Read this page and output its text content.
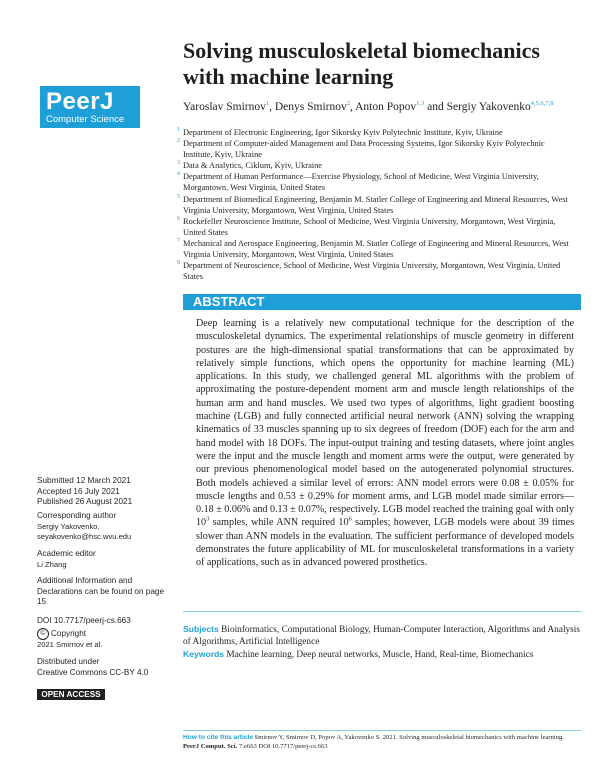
PeerJ
Computer Science
Solving musculoskeletal biomechanics with machine learning
Yaroslav Smirnov$^1$, Denys Smirnov$^2$, Anton Popov$^{1,3}$ and Sergiy Yakovenko$^{4,5,6,7,8}$

1 Department of Electronic Engineering, Igor Sikorsky Kyiv Polytechnic Institute, Kyiv, Ukraine

2 Department of Computer-aided Management and Data Processing Systems, Igor Sikorsky Kyiv Polytechnic Institute, Kyiv, Ukraine

3 Data & Analytics, Ciklum, Kyiv, Ukraine

4 Department of Human Performance—Exercise Physiology, School of Medicine, West Virginia University, Morgantown, West Virginia, United States

5 Department of Biomedical Engineering, Benjamin M. Statler College of Engineering and Mineral Resources, West Virginia University, Morgantown, West Virginia, United States

6 Rockefeller Neuroscience Institute, School of Medicine, West Virginia University, Morgantown, West Virginia, United States

7 Mechanical and Aerospace Engineering, Benjamin M. Statler College of Engineering and Mineral Resources, West Virginia University, Morgantown, West Virginia, United States

8 Department of Neuroscience, School of Medicine, West Virginia University, Morgantown, West Virginia, United States

ABSTRACT
Deep learning is a relatively new computational technique for the description of the musculoskeletal dynamics. The experimental relationships of muscle geometry in different postures are the high-dimensional spatial transformations that can be approximated by relatively simple functions, which opens the opportunity for machine learning (ML) applications. In this study, we challenged general ML algorithms with the problem of approximating the posture-dependent moment arm and muscle length relationships of the human arm and hand muscles. We used two types of algorithms, light gradient boosting machine (LGB) and fully connected artificial neural network (ANN) solving the wrapping kinematics of 33 muscles spanning up to six degrees of freedom (DOF) each for the arm and hand model with 18 DOFs. The input-output training and testing datasets, where joint angles were the input and the muscle length and moment arms were the output, were generated by our previous phenomenological model based on the autogenerated polynomial structures. Both models achieved a similar level of errors: ANN model errors were 0.08 ± 0.05% for muscle lengths and 0.53 ± 0.29% for moment arms, and LGB model made similar errors—0.18 ± 0.06% and 0.13 ± 0.07%, respectively. LGB model reached the training goal with only $10^3$ samples, while ANN required $10^6$ samples; however, LGB models were about 39 times slower than ANN models in the evaluation. The sufficient performance of developed models demonstrates the future applicability of ML for musculoskeletal transformations in a variety of applications, such as in advanced powered prosthetics.
Subjects Bioinformatics, Computational Biology, Human-Computer Interaction, Algorithms and Analysis of Algorithms, Artificial Intelligence
Keywords Machine learning, Deep neural networks, Muscle, Hand, Real-time, Biomechanics
Submitted 12 March 2021
Accepted 16 July 2021
Published 26 August 2021
Corresponding author
Sergiy Yakovenko,
seyakovenko@hsc.wvu.edu
Academic editor
Li Zhang
Additional Information and Declarations can be found on page 15
DOI 10.7717/peerj-cs.663
© Copyright
2021 Smirnov et al.
Distributed under
Creative Commons CC-BY 4.0
OPEN ACCESS
How to cite this article Smirnov Y, Smirnov D, Popov A, Yakovenko S. 2021. Solving musculoskeletal biomechanics with machine learning. PeerJ Comput. Sci. 7:e663 DOI 10.7717/peerj-cs.663
